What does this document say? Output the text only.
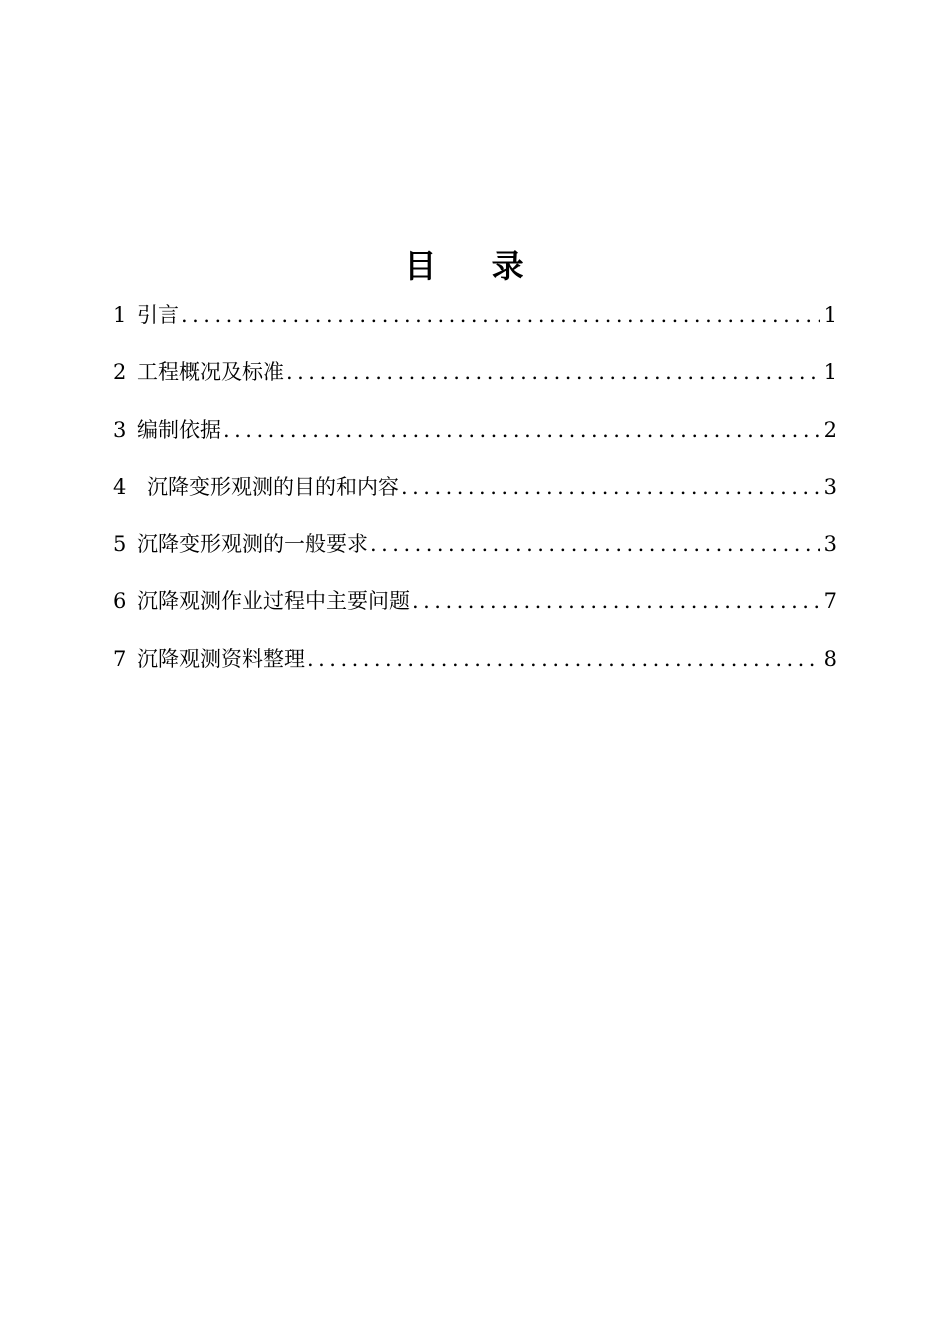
目 录
1 引言 . . .	1
2 工程概况及标准 . . .	1
3 编制依据 . . .	2
4 沉降变形观测的目的和内容 . . .	3
5 沉降变形观测的一般要求 . . .	3
6 沉降观测作业过程中主要问题 . . .	7
7 沉降观测资料整理 . . .	8
